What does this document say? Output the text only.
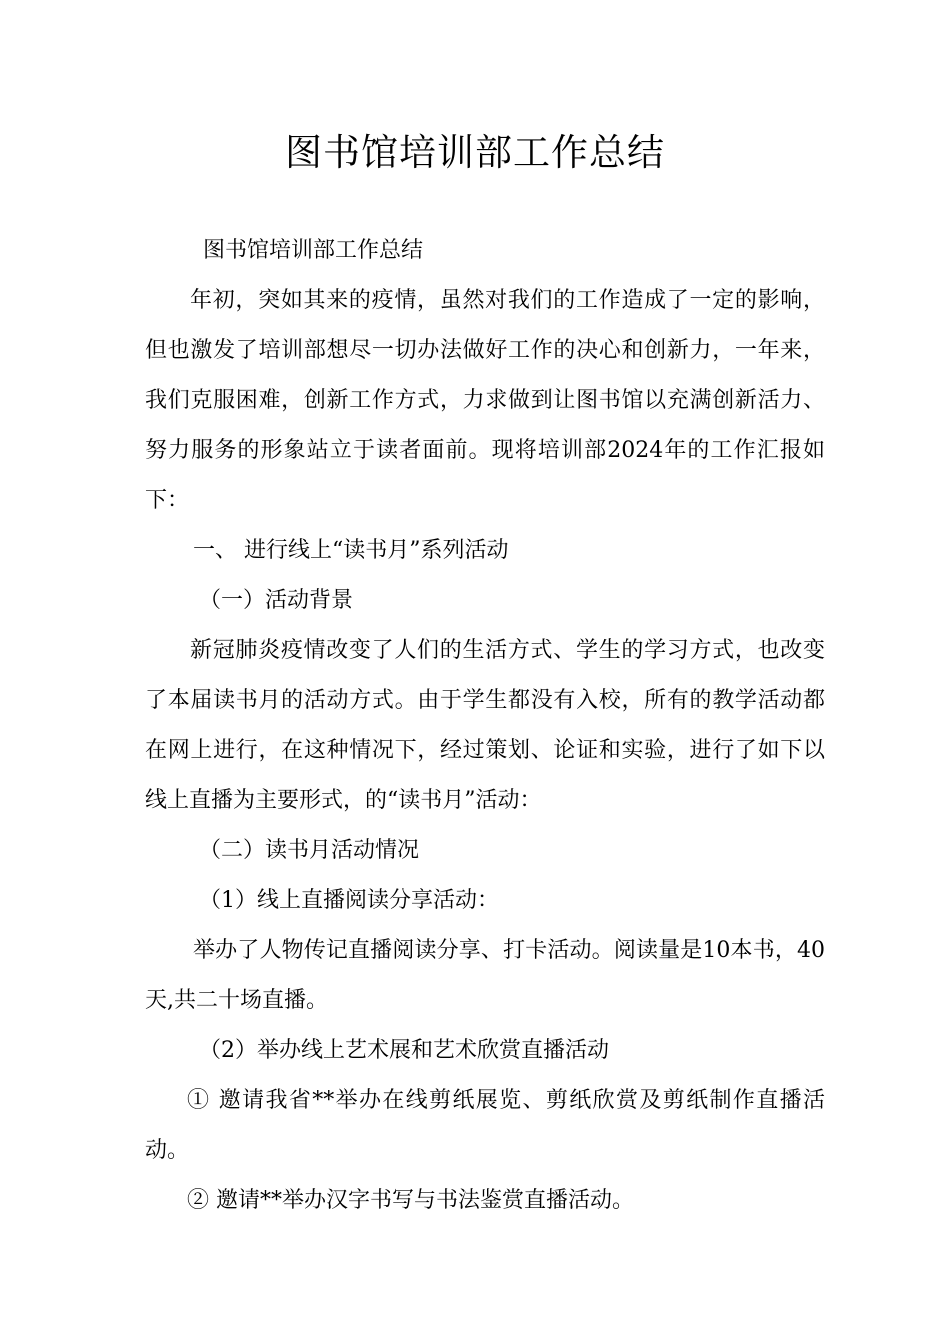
图书馆培训部工作总结

图书馆培训部工作总结

年初，突如其来的疫情，虽然对我们的工作造成了一定的影响，但也激发了培训部想尽一切办法做好工作的决心和创新力，一年来，我们克服困难，创新工作方式，力求做到让图书馆以充满创新活力、努力服务的形象站立于读者面前。现将培训部2024年的工作汇报如下：

一、 进行线上“读书月”系列活动

（一）活动背景

新冠肺炎疫情改变了人们的生活方式、学生的学习方式，也改变了本届读书月的活动方式。由于学生都没有入校，所有的教学活动都在网上进行，在这种情况下，经过策划、论证和实验，进行了如下以线上直播为主要形式，的“读书月”活动：

（二）读书月活动情况

（1）线上直播阅读分享活动：

举办了人物传记直播阅读分享、打卡活动。阅读量是10本书，40天,共二十场直播。

（2）举办线上艺术展和艺术欣赏直播活动

① 邀请我省**举办在线剪纸展览、剪纸欣赏及剪纸制作直播活动。

② 邀请**举办汉字书写与书法鉴赏直播活动。
